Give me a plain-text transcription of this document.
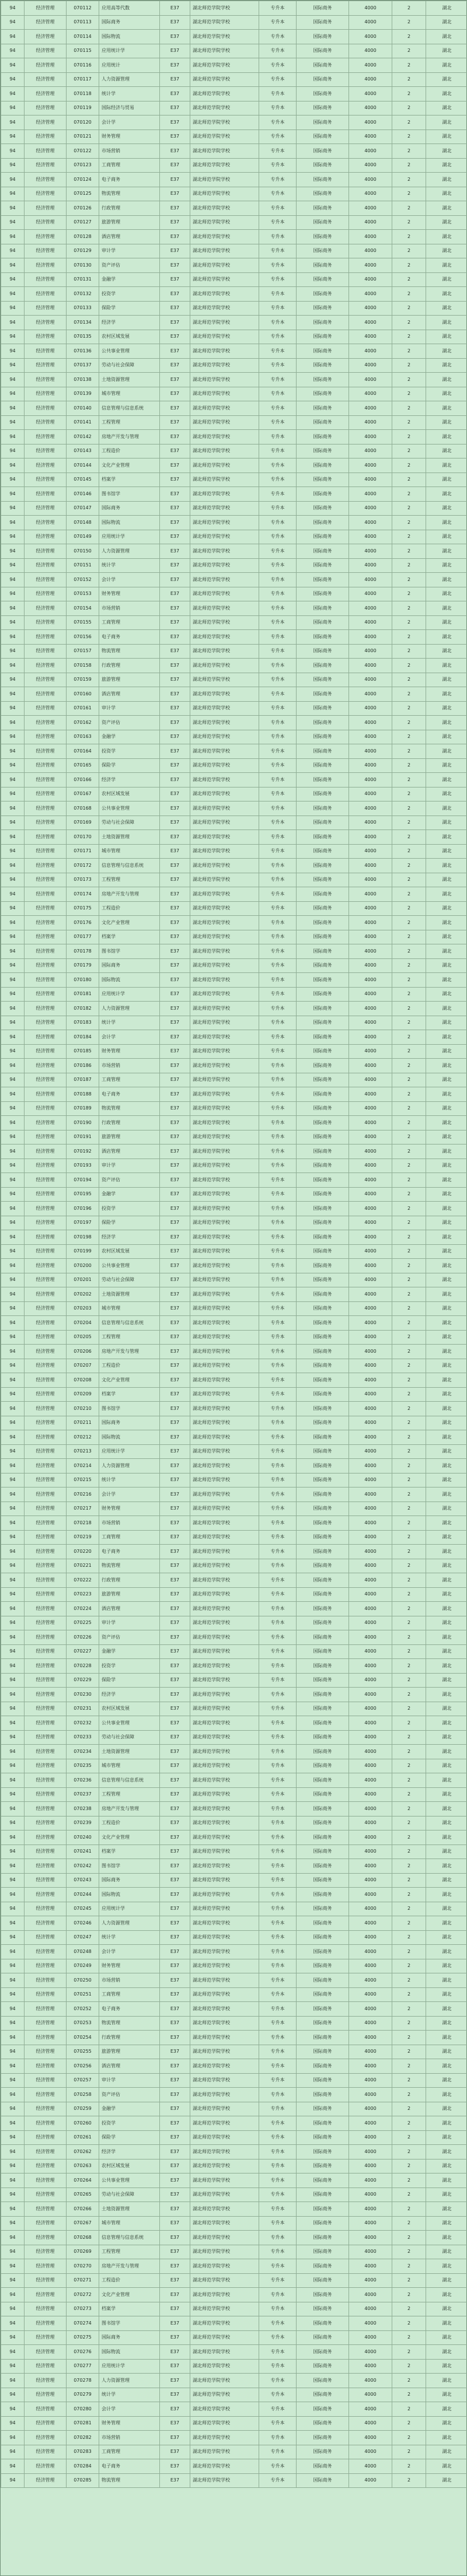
94	经济管理	070112	应用高等代数	E37	湖北师范学院学校	专升本	国际商务	4000	2	湖北
94	经济管理	070113	国际商务	E37	湖北师范学院学校	专升本	国际商务	4000	2	湖北
94	经济管理	070114	国际物流	E37	湖北师范学院学校	专升本	国际商务	4000	2	湖北
94	经济管理	070115	应用统计学	E37	湖北师范学院学校	专升本	国际商务	4000	2	湖北
94	经济管理	070116	应用统计	E37	湖北师范学院学校	专升本	国际商务	4000	2	湖北
94	经济管理	070117	人力资源管理	E37	湖北师范学院学校	专升本	国际商务	4000	2	湖北
94	经济管理	070118	统计学	E37	湖北师范学院学校	专升本	国际商务	4000	2	湖北
94	经济管理	070119	国际经济与贸易	E37	湖北师范学院学校	专升本	国际商务	4000	2	湖北
94	经济管理	070120	会计学	E37	湖北师范学院学校	专升本	国际商务	4000	2	湖北
94	经济管理	070121	财务管理	E37	湖北师范学院学校	专升本	国际商务	4000	2	湖北
94	经济管理	070122	市场营销	E37	湖北师范学院学校	专升本	国际商务	4000	2	湖北
94	经济管理	070123	工商管理	E37	湖北师范学院学校	专升本	国际商务	4000	2	湖北
94	经济管理	070124	电子商务	E37	湖北师范学院学校	专升本	国际商务	4000	2	湖北
94	经济管理	070125	物流管理	E37	湖北师范学院学校	专升本	国际商务	4000	2	湖北
94	经济管理	070126	行政管理	E37	湖北师范学院学校	专升本	国际商务	4000	2	湖北
94	经济管理	070127	旅游管理	E37	湖北师范学院学校	专升本	国际商务	4000	2	湖北
94	经济管理	070128	酒店管理	E37	湖北师范学院学校	专升本	国际商务	4000	2	湖北
94	经济管理	070129	审计学	E37	湖北师范学院学校	专升本	国际商务	4000	2	湖北
94	经济管理	070130	资产评估	E37	湖北师范学院学校	专升本	国际商务	4000	2	湖北
94	经济管理	070131	金融学	E37	湖北师范学院学校	专升本	国际商务	4000	2	湖北
94	经济管理	070132	投资学	E37	湖北师范学院学校	专升本	国际商务	4000	2	湖北
94	经济管理	070133	保险学	E37	湖北师范学院学校	专升本	国际商务	4000	2	湖北
94	经济管理	070134	经济学	E37	湖北师范学院学校	专升本	国际商务	4000	2	湖北
94	经济管理	070135	农村区域发展	E37	湖北师范学院学校	专升本	国际商务	4000	2	湖北
94	经济管理	070136	公共事业管理	E37	湖北师范学院学校	专升本	国际商务	4000	2	湖北
94	经济管理	070137	劳动与社会保障	E37	湖北师范学院学校	专升本	国际商务	4000	2	湖北
94	经济管理	070138	土地资源管理	E37	湖北师范学院学校	专升本	国际商务	4000	2	湖北
94	经济管理	070139	城市管理	E37	湖北师范学院学校	专升本	国际商务	4000	2	湖北
94	经济管理	070140	信息管理与信息系统	E37	湖北师范学院学校	专升本	国际商务	4000	2	湖北
94	经济管理	070141	工程管理	E37	湖北师范学院学校	专升本	国际商务	4000	2	湖北
94	经济管理	070142	房地产开发与管理	E37	湖北师范学院学校	专升本	国际商务	4000	2	湖北
94	经济管理	070143	工程造价	E37	湖北师范学院学校	专升本	国际商务	4000	2	湖北
94	经济管理	070144	文化产业管理	E37	湖北师范学院学校	专升本	国际商务	4000	2	湖北
94	经济管理	070145	档案学	E37	湖北师范学院学校	专升本	国际商务	4000	2	湖北
94	经济管理	070146	图书馆学	E37	湖北师范学院学校	专升本	国际商务	4000	2	湖北
94	经济管理	070147	国际商务	E37	湖北师范学院学校	专升本	国际商务	4000	2	湖北
94	经济管理	070148	国际物流	E37	湖北师范学院学校	专升本	国际商务	4000	2	湖北
94	经济管理	070149	应用统计学	E37	湖北师范学院学校	专升本	国际商务	4000	2	湖北
94	经济管理	070150	人力资源管理	E37	湖北师范学院学校	专升本	国际商务	4000	2	湖北
94	经济管理	070151	统计学	E37	湖北师范学院学校	专升本	国际商务	4000	2	湖北
94	经济管理	070152	会计学	E37	湖北师范学院学校	专升本	国际商务	4000	2	湖北
94	经济管理	070153	财务管理	E37	湖北师范学院学校	专升本	国际商务	4000	2	湖北
94	经济管理	070154	市场营销	E37	湖北师范学院学校	专升本	国际商务	4000	2	湖北
94	经济管理	070155	工商管理	E37	湖北师范学院学校	专升本	国际商务	4000	2	湖北
94	经济管理	070156	电子商务	E37	湖北师范学院学校	专升本	国际商务	4000	2	湖北
94	经济管理	070157	物流管理	E37	湖北师范学院学校	专升本	国际商务	4000	2	湖北
94	经济管理	070158	行政管理	E37	湖北师范学院学校	专升本	国际商务	4000	2	湖北
94	经济管理	070159	旅游管理	E37	湖北师范学院学校	专升本	国际商务	4000	2	湖北
94	经济管理	070160	酒店管理	E37	湖北师范学院学校	专升本	国际商务	4000	2	湖北
94	经济管理	070161	审计学	E37	湖北师范学院学校	专升本	国际商务	4000	2	湖北
94	经济管理	070162	资产评估	E37	湖北师范学院学校	专升本	国际商务	4000	2	湖北
94	经济管理	070163	金融学	E37	湖北师范学院学校	专升本	国际商务	4000	2	湖北
94	经济管理	070164	投资学	E37	湖北师范学院学校	专升本	国际商务	4000	2	湖北
94	经济管理	070165	保险学	E37	湖北师范学院学校	专升本	国际商务	4000	2	湖北
94	经济管理	070166	经济学	E37	湖北师范学院学校	专升本	国际商务	4000	2	湖北
94	经济管理	070167	农村区域发展	E37	湖北师范学院学校	专升本	国际商务	4000	2	湖北
94	经济管理	070168	公共事业管理	E37	湖北师范学院学校	专升本	国际商务	4000	2	湖北
94	经济管理	070169	劳动与社会保障	E37	湖北师范学院学校	专升本	国际商务	4000	2	湖北
94	经济管理	070170	土地资源管理	E37	湖北师范学院学校	专升本	国际商务	4000	2	湖北
94	经济管理	070171	城市管理	E37	湖北师范学院学校	专升本	国际商务	4000	2	湖北
94	经济管理	070172	信息管理与信息系统	E37	湖北师范学院学校	专升本	国际商务	4000	2	湖北
94	经济管理	070173	工程管理	E37	湖北师范学院学校	专升本	国际商务	4000	2	湖北
94	经济管理	070174	房地产开发与管理	E37	湖北师范学院学校	专升本	国际商务	4000	2	湖北
94	经济管理	070175	工程造价	E37	湖北师范学院学校	专升本	国际商务	4000	2	湖北
94	经济管理	070176	文化产业管理	E37	湖北师范学院学校	专升本	国际商务	4000	2	湖北
94	经济管理	070177	档案学	E37	湖北师范学院学校	专升本	国际商务	4000	2	湖北
94	经济管理	070178	图书馆学	E37	湖北师范学院学校	专升本	国际商务	4000	2	湖北
94	经济管理	070179	国际商务	E37	湖北师范学院学校	专升本	国际商务	4000	2	湖北
94	经济管理	070180	国际物流	E37	湖北师范学院学校	专升本	国际商务	4000	2	湖北
94	经济管理	070181	应用统计学	E37	湖北师范学院学校	专升本	国际商务	4000	2	湖北
94	经济管理	070182	人力资源管理	E37	湖北师范学院学校	专升本	国际商务	4000	2	湖北
94	经济管理	070183	统计学	E37	湖北师范学院学校	专升本	国际商务	4000	2	湖北
94	经济管理	070184	会计学	E37	湖北师范学院学校	专升本	国际商务	4000	2	湖北
94	经济管理	070185	财务管理	E37	湖北师范学院学校	专升本	国际商务	4000	2	湖北
94	经济管理	070186	市场营销	E37	湖北师范学院学校	专升本	国际商务	4000	2	湖北
94	经济管理	070187	工商管理	E37	湖北师范学院学校	专升本	国际商务	4000	2	湖北
94	经济管理	070188	电子商务	E37	湖北师范学院学校	专升本	国际商务	4000	2	湖北
94	经济管理	070189	物流管理	E37	湖北师范学院学校	专升本	国际商务	4000	2	湖北
94	经济管理	070190	行政管理	E37	湖北师范学院学校	专升本	国际商务	4000	2	湖北
94	经济管理	070191	旅游管理	E37	湖北师范学院学校	专升本	国际商务	4000	2	湖北
94	经济管理	070192	酒店管理	E37	湖北师范学院学校	专升本	国际商务	4000	2	湖北
94	经济管理	070193	审计学	E37	湖北师范学院学校	专升本	国际商务	4000	2	湖北
94	经济管理	070194	资产评估	E37	湖北师范学院学校	专升本	国际商务	4000	2	湖北
94	经济管理	070195	金融学	E37	湖北师范学院学校	专升本	国际商务	4000	2	湖北
94	经济管理	070196	投资学	E37	湖北师范学院学校	专升本	国际商务	4000	2	湖北
94	经济管理	070197	保险学	E37	湖北师范学院学校	专升本	国际商务	4000	2	湖北
94	经济管理	070198	经济学	E37	湖北师范学院学校	专升本	国际商务	4000	2	湖北
94	经济管理	070199	农村区域发展	E37	湖北师范学院学校	专升本	国际商务	4000	2	湖北
94	经济管理	070200	公共事业管理	E37	湖北师范学院学校	专升本	国际商务	4000	2	湖北
94	经济管理	070201	劳动与社会保障	E37	湖北师范学院学校	专升本	国际商务	4000	2	湖北
94	经济管理	070202	土地资源管理	E37	湖北师范学院学校	专升本	国际商务	4000	2	湖北
94	经济管理	070203	城市管理	E37	湖北师范学院学校	专升本	国际商务	4000	2	湖北
94	经济管理	070204	信息管理与信息系统	E37	湖北师范学院学校	专升本	国际商务	4000	2	湖北
94	经济管理	070205	工程管理	E37	湖北师范学院学校	专升本	国际商务	4000	2	湖北
94	经济管理	070206	房地产开发与管理	E37	湖北师范学院学校	专升本	国际商务	4000	2	湖北
94	经济管理	070207	工程造价	E37	湖北师范学院学校	专升本	国际商务	4000	2	湖北
94	经济管理	070208	文化产业管理	E37	湖北师范学院学校	专升本	国际商务	4000	2	湖北
94	经济管理	070209	档案学	E37	湖北师范学院学校	专升本	国际商务	4000	2	湖北
94	经济管理	070210	图书馆学	E37	湖北师范学院学校	专升本	国际商务	4000	2	湖北
94	经济管理	070211	国际商务	E37	湖北师范学院学校	专升本	国际商务	4000	2	湖北
94	经济管理	070212	国际物流	E37	湖北师范学院学校	专升本	国际商务	4000	2	湖北
94	经济管理	070213	应用统计学	E37	湖北师范学院学校	专升本	国际商务	4000	2	湖北
94	经济管理	070214	人力资源管理	E37	湖北师范学院学校	专升本	国际商务	4000	2	湖北
94	经济管理	070215	统计学	E37	湖北师范学院学校	专升本	国际商务	4000	2	湖北
94	经济管理	070216	会计学	E37	湖北师范学院学校	专升本	国际商务	4000	2	湖北
94	经济管理	070217	财务管理	E37	湖北师范学院学校	专升本	国际商务	4000	2	湖北
94	经济管理	070218	市场营销	E37	湖北师范学院学校	专升本	国际商务	4000	2	湖北
94	经济管理	070219	工商管理	E37	湖北师范学院学校	专升本	国际商务	4000	2	湖北
94	经济管理	070220	电子商务	E37	湖北师范学院学校	专升本	国际商务	4000	2	湖北
94	经济管理	070221	物流管理	E37	湖北师范学院学校	专升本	国际商务	4000	2	湖北
94	经济管理	070222	行政管理	E37	湖北师范学院学校	专升本	国际商务	4000	2	湖北
94	经济管理	070223	旅游管理	E37	湖北师范学院学校	专升本	国际商务	4000	2	湖北
94	经济管理	070224	酒店管理	E37	湖北师范学院学校	专升本	国际商务	4000	2	湖北
94	经济管理	070225	审计学	E37	湖北师范学院学校	专升本	国际商务	4000	2	湖北
94	经济管理	070226	资产评估	E37	湖北师范学院学校	专升本	国际商务	4000	2	湖北
94	经济管理	070227	金融学	E37	湖北师范学院学校	专升本	国际商务	4000	2	湖北
94	经济管理	070228	投资学	E37	湖北师范学院学校	专升本	国际商务	4000	2	湖北
94	经济管理	070229	保险学	E37	湖北师范学院学校	专升本	国际商务	4000	2	湖北
94	经济管理	070230	经济学	E37	湖北师范学院学校	专升本	国际商务	4000	2	湖北
94	经济管理	070231	农村区域发展	E37	湖北师范学院学校	专升本	国际商务	4000	2	湖北
94	经济管理	070232	公共事业管理	E37	湖北师范学院学校	专升本	国际商务	4000	2	湖北
94	经济管理	070233	劳动与社会保障	E37	湖北师范学院学校	专升本	国际商务	4000	2	湖北
94	经济管理	070234	土地资源管理	E37	湖北师范学院学校	专升本	国际商务	4000	2	湖北
94	经济管理	070235	城市管理	E37	湖北师范学院学校	专升本	国际商务	4000	2	湖北
94	经济管理	070236	信息管理与信息系统	E37	湖北师范学院学校	专升本	国际商务	4000	2	湖北
94	经济管理	070237	工程管理	E37	湖北师范学院学校	专升本	国际商务	4000	2	湖北
94	经济管理	070238	房地产开发与管理	E37	湖北师范学院学校	专升本	国际商务	4000	2	湖北
94	经济管理	070239	工程造价	E37	湖北师范学院学校	专升本	国际商务	4000	2	湖北
94	经济管理	070240	文化产业管理	E37	湖北师范学院学校	专升本	国际商务	4000	2	湖北
94	经济管理	070241	档案学	E37	湖北师范学院学校	专升本	国际商务	4000	2	湖北
94	经济管理	070242	图书馆学	E37	湖北师范学院学校	专升本	国际商务	4000	2	湖北
94	经济管理	070243	国际商务	E37	湖北师范学院学校	专升本	国际商务	4000	2	湖北
94	经济管理	070244	国际物流	E37	湖北师范学院学校	专升本	国际商务	4000	2	湖北
94	经济管理	070245	应用统计学	E37	湖北师范学院学校	专升本	国际商务	4000	2	湖北
94	经济管理	070246	人力资源管理	E37	湖北师范学院学校	专升本	国际商务	4000	2	湖北
94	经济管理	070247	统计学	E37	湖北师范学院学校	专升本	国际商务	4000	2	湖北
94	经济管理	070248	会计学	E37	湖北师范学院学校	专升本	国际商务	4000	2	湖北
94	经济管理	070249	财务管理	E37	湖北师范学院学校	专升本	国际商务	4000	2	湖北
94	经济管理	070250	市场营销	E37	湖北师范学院学校	专升本	国际商务	4000	2	湖北
94	经济管理	070251	工商管理	E37	湖北师范学院学校	专升本	国际商务	4000	2	湖北
94	经济管理	070252	电子商务	E37	湖北师范学院学校	专升本	国际商务	4000	2	湖北
94	经济管理	070253	物流管理	E37	湖北师范学院学校	专升本	国际商务	4000	2	湖北
94	经济管理	070254	行政管理	E37	湖北师范学院学校	专升本	国际商务	4000	2	湖北
94	经济管理	070255	旅游管理	E37	湖北师范学院学校	专升本	国际商务	4000	2	湖北
94	经济管理	070256	酒店管理	E37	湖北师范学院学校	专升本	国际商务	4000	2	湖北
94	经济管理	070257	审计学	E37	湖北师范学院学校	专升本	国际商务	4000	2	湖北
94	经济管理	070258	资产评估	E37	湖北师范学院学校	专升本	国际商务	4000	2	湖北
94	经济管理	070259	金融学	E37	湖北师范学院学校	专升本	国际商务	4000	2	湖北
94	经济管理	070260	投资学	E37	湖北师范学院学校	专升本	国际商务	4000	2	湖北
94	经济管理	070261	保险学	E37	湖北师范学院学校	专升本	国际商务	4000	2	湖北
94	经济管理	070262	经济学	E37	湖北师范学院学校	专升本	国际商务	4000	2	湖北
94	经济管理	070263	农村区域发展	E37	湖北师范学院学校	专升本	国际商务	4000	2	湖北
94	经济管理	070264	公共事业管理	E37	湖北师范学院学校	专升本	国际商务	4000	2	湖北
94	经济管理	070265	劳动与社会保障	E37	湖北师范学院学校	专升本	国际商务	4000	2	湖北
94	经济管理	070266	土地资源管理	E37	湖北师范学院学校	专升本	国际商务	4000	2	湖北
94	经济管理	070267	城市管理	E37	湖北师范学院学校	专升本	国际商务	4000	2	湖北
94	经济管理	070268	信息管理与信息系统	E37	湖北师范学院学校	专升本	国际商务	4000	2	湖北
94	经济管理	070269	工程管理	E37	湖北师范学院学校	专升本	国际商务	4000	2	湖北
94	经济管理	070270	房地产开发与管理	E37	湖北师范学院学校	专升本	国际商务	4000	2	湖北
94	经济管理	070271	工程造价	E37	湖北师范学院学校	专升本	国际商务	4000	2	湖北
94	经济管理	070272	文化产业管理	E37	湖北师范学院学校	专升本	国际商务	4000	2	湖北
94	经济管理	070273	档案学	E37	湖北师范学院学校	专升本	国际商务	4000	2	湖北
94	经济管理	070274	图书馆学	E37	湖北师范学院学校	专升本	国际商务	4000	2	湖北
94	经济管理	070275	国际商务	E37	湖北师范学院学校	专升本	国际商务	4000	2	湖北
94	经济管理	070276	国际物流	E37	湖北师范学院学校	专升本	国际商务	4000	2	湖北
94	经济管理	070277	应用统计学	E37	湖北师范学院学校	专升本	国际商务	4000	2	湖北
94	经济管理	070278	人力资源管理	E37	湖北师范学院学校	专升本	国际商务	4000	2	湖北
94	经济管理	070279	统计学	E37	湖北师范学院学校	专升本	国际商务	4000	2	湖北
94	经济管理	070280	会计学	E37	湖北师范学院学校	专升本	国际商务	4000	2	湖北
94	经济管理	070281	财务管理	E37	湖北师范学院学校	专升本	国际商务	4000	2	湖北
94	经济管理	070282	市场营销	E37	湖北师范学院学校	专升本	国际商务	4000	2	湖北
94	经济管理	070283	工商管理	E37	湖北师范学院学校	专升本	国际商务	4000	2	湖北
94	经济管理	070284	电子商务	E37	湖北师范学院学校	专升本	国际商务	4000	2	湖北
94	经济管理	070285	物流管理	E37	湖北师范学院学校	专升本	国际商务	4000	2	湖北
